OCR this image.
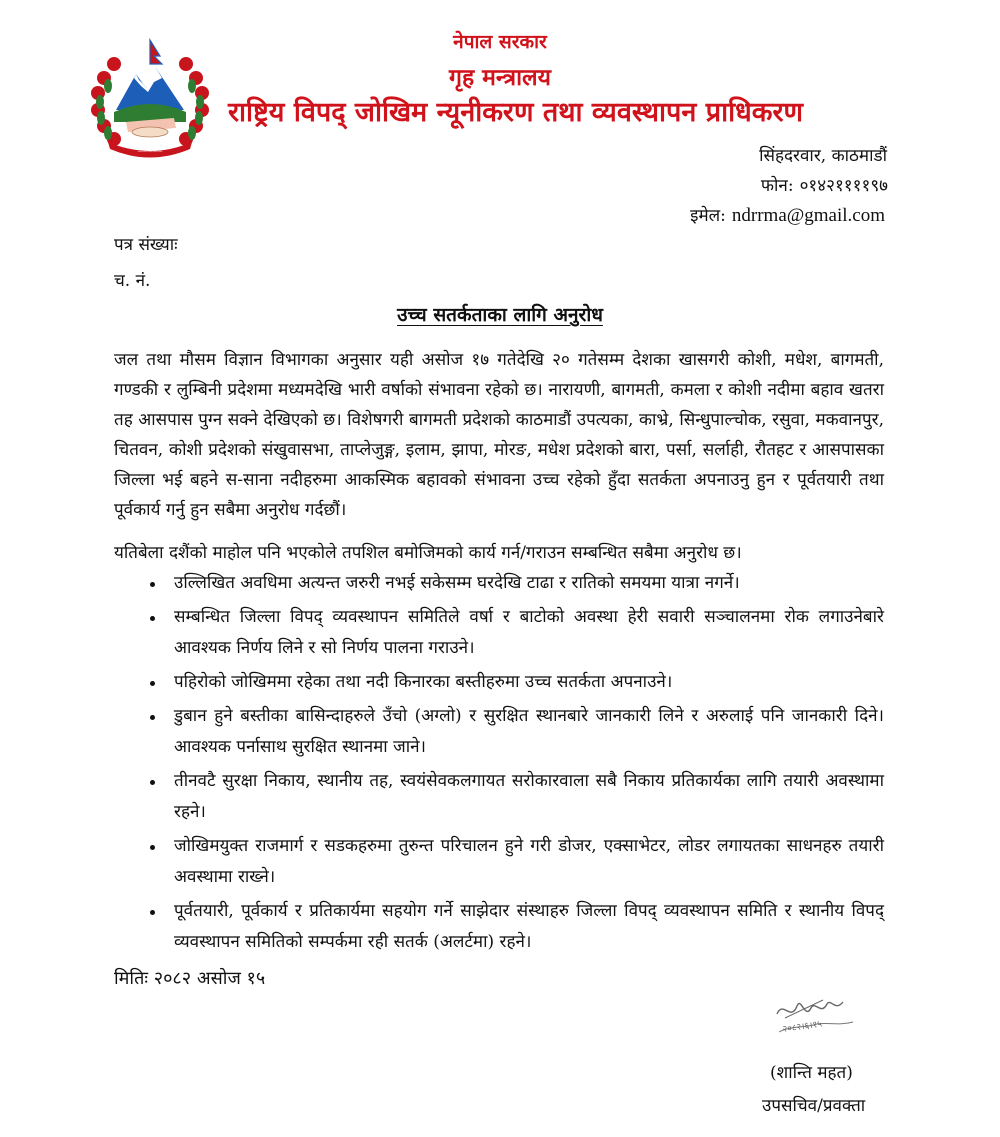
—————
नेपाल सरकार
गृह मन्त्रालय
राष्ट्रिय विपद् जोखिम न्यूनीकरण तथा व्यवस्थापन प्राधिकरण
सिंहदरवार, काठमाडौं
फोन: ०१४२११११९७
इमेल: ndrrma@gmail.com
पत्र संख्याः
च. नं.
उच्च सतर्कताका लागि अनुरोध
जल तथा मौसम विज्ञान विभागका अनुसार यही असोज १७ गतेदेखि २० गतेसम्म देशका खासगरी कोशी, मधेश, बागमती, गण्डकी र लुम्बिनी प्रदेशमा मध्यमदेखि भारी वर्षाको संभावना रहेको छ। नारायणी, बागमती, कमला र कोशी नदीमा बहाव खतरा तह आसपास पुग्न सक्ने देखिएको छ। विशेषगरी बागमती प्रदेशको काठमाडौं उपत्यका, काभ्रे, सिन्धुपाल्चोक, रसुवा, मकवानपुर, चितवन, कोशी प्रदेशको संखुवासभा, ताप्लेजुङ्ग, इलाम, झापा, मोरङ, मधेश प्रदेशको बारा, पर्सा, सर्लाही, रौतहट र आसपासका जिल्ला भई बहने स-साना नदीहरुमा आकस्मिक बहावको संभावना उच्च रहेको हुँदा सतर्कता अपनाउनु हुन र पूर्वतयारी तथा पूर्वकार्य गर्नु हुन सबैमा अनुरोध गर्दछौं।
यतिबेला दशैंको माहोल पनि भएकोले तपशिल बमोजिमको कार्य गर्न/गराउन सम्बन्धित सबैमा अनुरोध छ।
उल्लिखित अवधिमा अत्यन्त जरुरी नभई सकेसम्म घरदेखि टाढा र रातिको समयमा यात्रा नगर्ने।
सम्बन्धित जिल्ला विपद् व्यवस्थापन समितिले वर्षा र बाटोको अवस्था हेरी सवारी सञ्चालनमा रोक लगाउनेबारे आवश्यक निर्णय लिने र सो निर्णय पालना गराउने।
पहिरोको जोखिममा रहेका तथा नदी किनारका बस्तीहरुमा उच्च सतर्कता अपनाउने।
डुबान हुने बस्तीका बासिन्दाहरुले उँचो (अग्लो) र सुरक्षित स्थानबारे जानकारी लिने र अरुलाई पनि जानकारी दिने। आवश्यक पर्नासाथ सुरक्षित स्थानमा जाने।
तीनवटै सुरक्षा निकाय, स्थानीय तह, स्वयंसेवकलगायत सरोकारवाला सबै निकाय प्रतिकार्यका लागि तयारी अवस्थामा रहने।
जोखिमयुक्त राजमार्ग र सडकहरुमा तुरुन्त परिचालन हुने गरी डोजर, एक्साभेटर, लोडर लगायतका साधनहरु तयारी अवस्थामा राख्ने।
पूर्वतयारी, पूर्वकार्य र प्रतिकार्यमा सहयोग गर्ने साझेदार संस्थाहरु जिल्ला विपद् व्यवस्थापन समिति र स्थानीय विपद् व्यवस्थापन समितिको सम्पर्कमा रही सतर्क (अलर्टमा) रहने।
मितिः २०८२ असोज १५
२०८२।६।१५
(शान्ति महत)
उपसचिव/प्रवक्ता
